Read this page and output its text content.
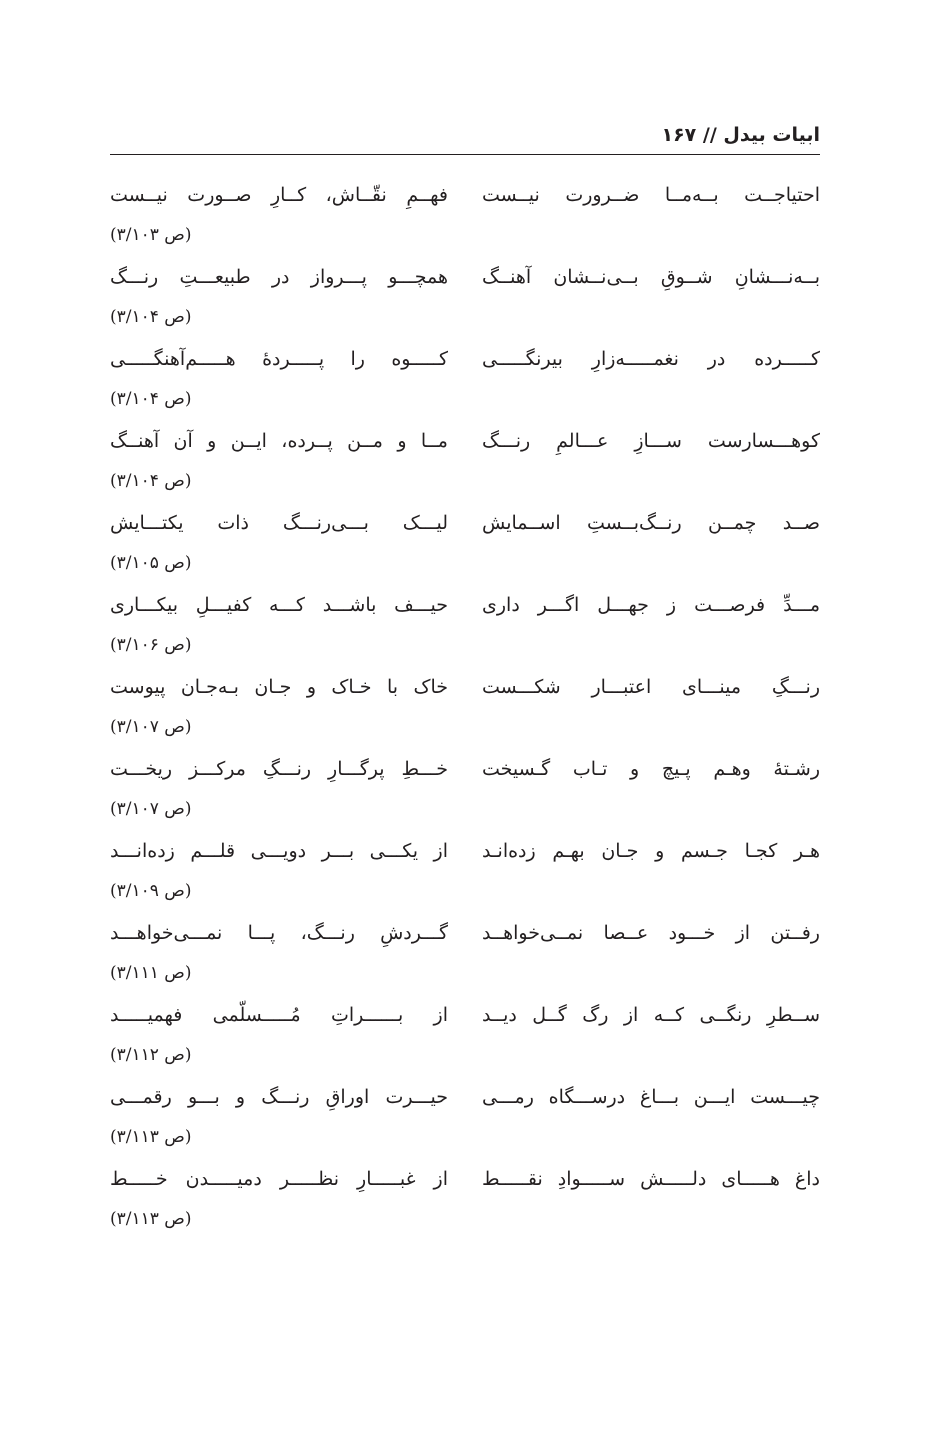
ابیات بیدل // ۱۶۷
احتیاجــت بــه‌مــا ضــرورت نیــست
فهــمِ نقّــاش، کــارِ صــورت نیــست
(ص ۳/۱۰۳)
بــه‌نـــشانِ شــوقِ بــی‌نــشان آهنــگ
همچـــو پـــرواز در طبیعـــتِ رنـــگ
(ص ۳/۱۰۴)
کـــــرده در نغمـــــه‌زارِ بیرنگـــــی
کـــــوه را پـــــردۀ هـــــم‌آهنگـــــی
(ص ۳/۱۰۴)
کوهـــسارست ســـازِ عـــالمِ رنـــگ
مــا و مــن پــرده، ایــن و آن آهنــگ
(ص ۳/۱۰۴)
صــد چمــن رنــگ‌بــستِ اســمایش
لیـــک بـــی‌رنـــگ ذات یکتـــایش
(ص ۳/۱۰۵)
مـــدِّ فرصـــت ز جهـــل اگـــر داری
حیـــف باشـــد کـــه کفیـــلِ بیکـــاری
(ص ۳/۱۰۶)
رنـــگِ مینـــای اعتبـــار شکـــست
خاک با خـاک و جـان بـه‌جـان پیوست
(ص ۳/۱۰۷)
رشـتۀ وهـم پـیچ و تـاب گـسیخت
خـــطِ پرگـــارِ رنـــگِ مرکـــز ریخـــت
(ص ۳/۱۰۷)
هـر کجـا جـسم و جـان بهـم زده‌انـد
از یکـــی بـــر دویـــی قلـــم زده‌انـــد
(ص ۳/۱۰۹)
رفــتن از خـــود عــصا نمــی‌خواهــد
گـــردشِ رنـــگ، پـــا نمـــی‌خواهـــد
(ص ۳/۱۱۱)
ســطرِ رنگــی کــه از رگ گــل دیــد
از بــــــراتِ مُـــــسلّمی فهمیـــــد
(ص ۳/۱۱۲)
چیـــست ایـــن بـــاغ درســـگاه رمـــی
حیـــرت اوراقِ رنـــگ و بـــو رقمـــی
(ص ۳/۱۱۳)
داغ هـــــای دلـــــش ســـــوادِ نقـــــط
از غبـــــارِ نظـــــر دمیـــــدن خـــــط
(ص ۳/۱۱۳)
